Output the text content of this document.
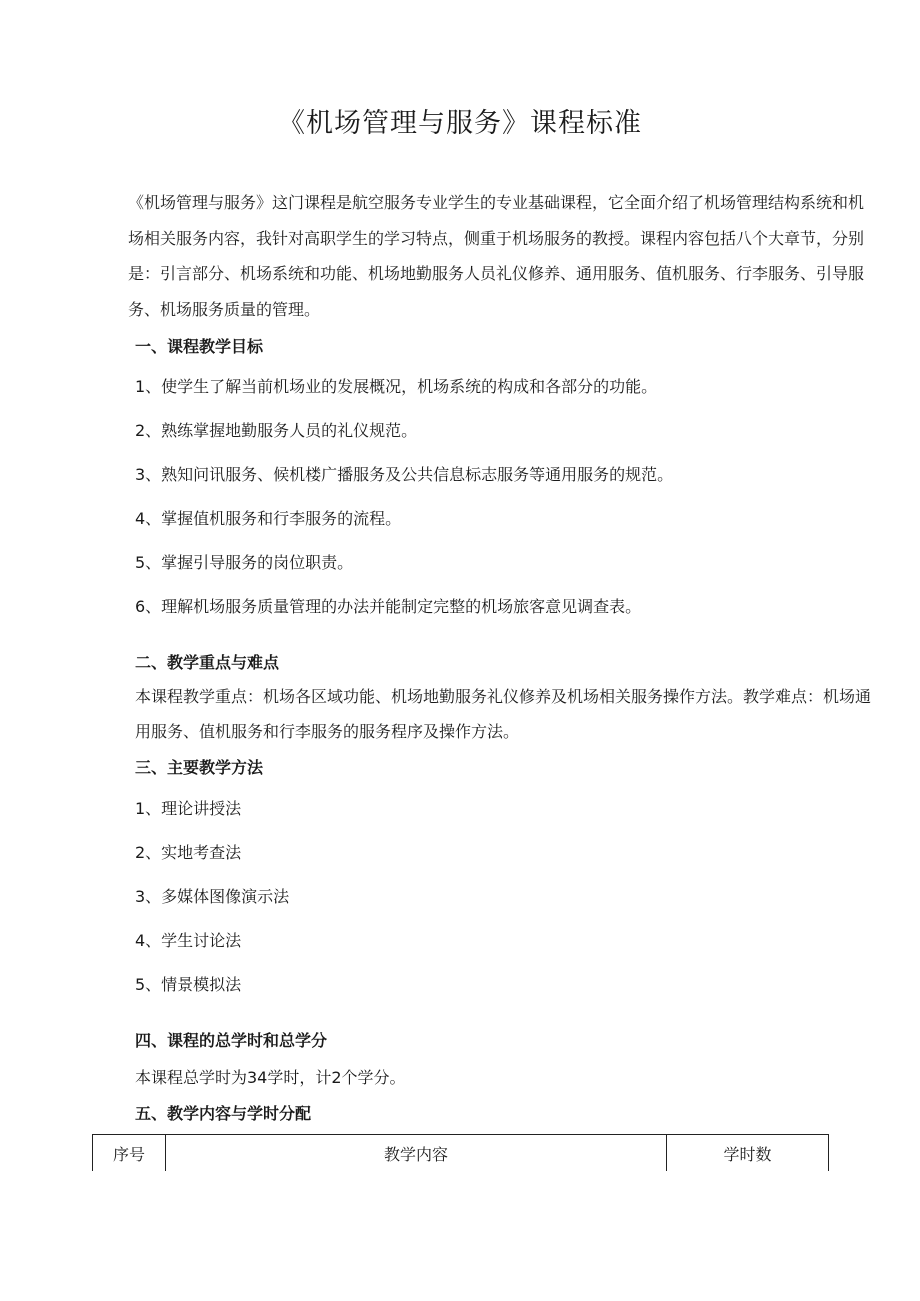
《机场管理与服务》课程标准

《机场管理与服务》这门课程是航空服务专业学生的专业基础课程，它全面介绍了机场管理结构系统和机场相关服务内容，我针对高职学生的学习特点，侧重于机场服务的教授。课程内容包括八个大章节，分别是：引言部分、机场系统和功能、机场地勤服务人员礼仪修养、通用服务、值机服务、行李服务、引导服务、机场服务质量的管理。

一、课程教学目标
1、使学生了解当前机场业的发展概况，机场系统的构成和各部分的功能。
2、熟练掌握地勤服务人员的礼仪规范。
3、熟知问讯服务、候机楼广播服务及公共信息标志服务等通用服务的规范。
4、掌握值机服务和行李服务的流程。
5、掌握引导服务的岗位职责。
6、理解机场服务质量管理的办法并能制定完整的机场旅客意见调查表。
二、教学重点与难点

本课程教学重点：机场各区域功能、机场地勤服务礼仪修养及机场相关服务操作方法。教学难点：机场通用服务、值机服务和行李服务的服务程序及操作方法。

三、主要教学方法
1、理论讲授法
2、实地考查法
3、多媒体图像演示法
4、学生讨论法
5、情景模拟法
四、课程的总学时和总学分
本课程总学时为34学时，计2个学分。
五、教学内容与学时分配
序号	教学内容	学时数
